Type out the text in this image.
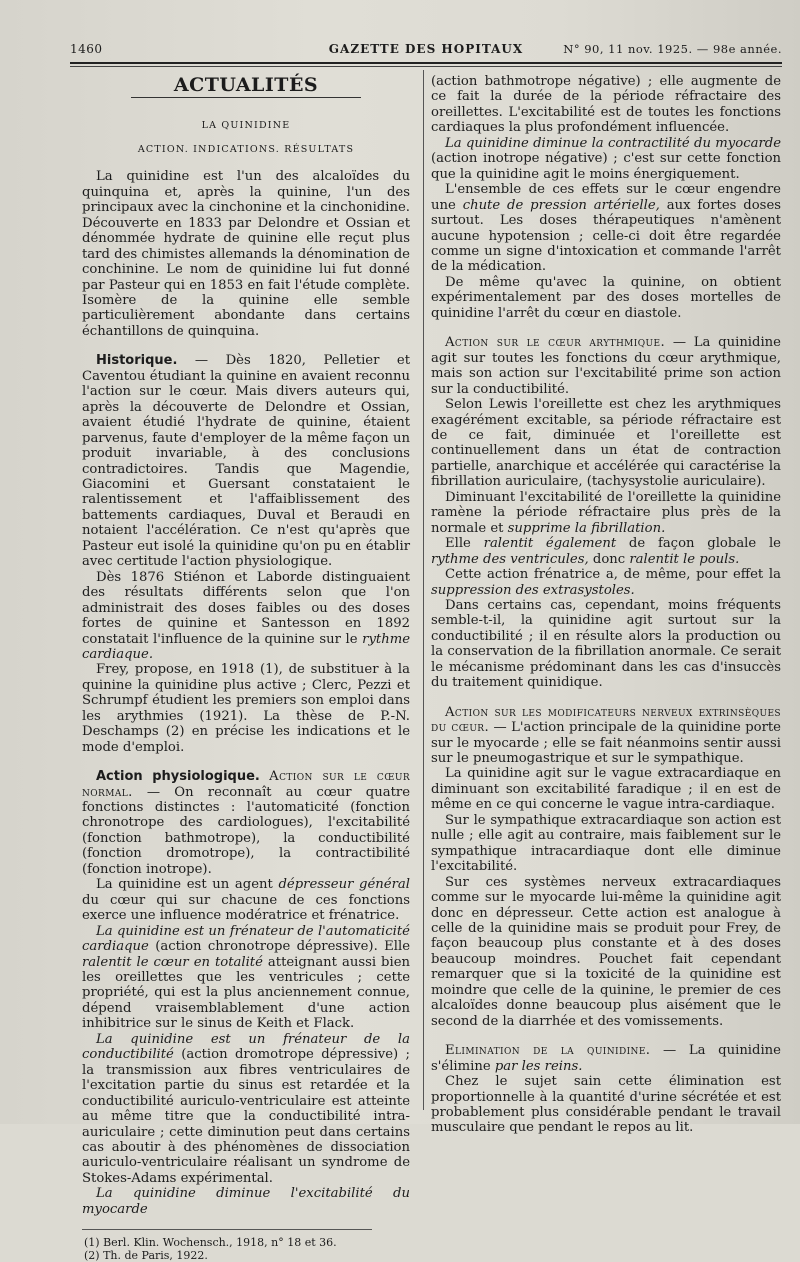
1460	GAZETTE DES HOPITAUX	N° 90, 11 nov. 1925. — 98e année.
ACTUALITÉS
LA QUINIDINE
ACTION. INDICATIONS. RÉSULTATS

La quinidine est l'un des alcaloïdes du quinquina et, après la quinine, l'un des principaux avec la cinchonine et la cinchonidine. Découverte en 1833 par Delondre et Ossian et dénommée hydrate de quinine elle reçut plus tard des chimistes allemands la dénomination de conchinine. Le nom de quinidine lui fut donné par Pasteur qui en 1853 en fait l'étude complète. Isomère de la quinine elle semble particulièrement abondante dans certains échantillons de quinquina.

Historique. — Dès 1820, Pelletier et Caventou étudiant la quinine en avaient reconnu l'action sur le cœur. Mais divers auteurs qui, après la découverte de Delondre et Ossian, avaient étudié l'hydrate de quinine, étaient parvenus, faute d'employer de la même façon un produit invariable, à des conclusions contradictoires. Tandis que Magendie, Giacomini et Guersant constataient le ralentissement et l'affaiblissement des battements cardiaques, Duval et Beraudi en notaient l'accélération. Ce n'est qu'après que Pasteur eut isolé la quinidine qu'on pu en établir avec certitude l'action physiologique.

Dès 1876 Stiénon et Laborde distinguaient des résultats différents selon que l'on administrait des doses faibles ou des doses fortes de quinine et Santesson en 1892 constatait l'influence de la quinine sur le rythme cardiaque.

Frey, propose, en 1918 (1), de substituer à la quinine la quinidine plus active ; Clerc, Pezzi et Schrumpf étudient les premiers son emploi dans les arythmies (1921). La thèse de P.-N. Deschamps (2) en précise les indications et le mode d'emploi.

Action physiologique. Action sur le cœur normal. — On reconnaît au cœur quatre fonctions distinctes : l'automaticité (fonction chronotrope des cardiologues), l'excitabilité (fonction bathmotrope), la conductibilité (fonction dromotrope), la contractibilité (fonction inotrope).

La quinidine est un agent dépresseur général du cœur qui sur chacune de ces fonctions exerce une influence modératrice et frénatrice.

La quinidine est un frénateur de l'automaticité cardiaque (action chronotrope dépressive). Elle ralentit le cœur en totalité atteignant aussi bien les oreillettes que les ventricules ; cette propriété, qui est la plus anciennement connue, dépend vraisemblablement d'une action inhibitrice sur le sinus de Keith et Flack.

La quinidine est un frénateur de la conductibilité (action dromotrope dépressive) ; la transmission aux fibres ventriculaires de l'excitation partie du sinus est retardée et la conductibilité auriculo-ventriculaire est atteinte au même titre que la conductibilité intra-auriculaire ; cette diminution peut dans certains cas aboutir à des phénomènes de dissociation auriculo-ventriculaire réalisant un syndrome de Stokes-Adams expérimental.

La quinidine diminue l'excitabilité du myocarde

(1) Berl. Klin. Wochensch., 1918, n° 18 et 36.

(2) Th. de Paris, 1922.

(action bathmotrope négative) ; elle augmente de ce fait la durée de la période réfractaire des oreillettes. L'excitabilité est de toutes les fonctions cardiaques la plus profondément influencée.

La quinidine diminue la contractilité du myocarde (action inotrope négative) ; c'est sur cette fonction que la quinidine agit le moins énergiquement.

L'ensemble de ces effets sur le cœur engendre une chute de pression artérielle, aux fortes doses surtout. Les doses thérapeutiques n'amènent aucune hypotension ; celle-ci doit être regardée comme un signe d'intoxication et commande l'arrêt de la médication.

De même qu'avec la quinine, on obtient expérimentalement par des doses mortelles de quinidine l'arrêt du cœur en diastole.

Action sur le cœur arythmique. — La quinidine agit sur toutes les fonctions du cœur arythmique, mais son action sur l'excitabilité prime son action sur la conductibilité.

Selon Lewis l'oreillette est chez les arythmiques exagérément excitable, sa période réfractaire est de ce fait, diminuée et l'oreillette est continuellement dans un état de contraction partielle, anarchique et accélérée qui caractérise la fibrillation auriculaire, (tachysystolie auriculaire).

Diminuant l'excitabilité de l'oreillette la quinidine ramène la période réfractaire plus près de la normale et supprime la fibrillation.

Elle ralentit également de façon globale le rythme des ventricules, donc ralentit le pouls.

Cette action frénatrice a, de même, pour effet la suppression des extrasystoles.

Dans certains cas, cependant, moins fréquents semble-t-il, la quinidine agit surtout sur la conductibilité ; il en résulte alors la production ou la conservation de la fibrillation anormale. Ce serait le mécanisme prédominant dans les cas d'insuccès du traitement quinidique.

Action sur les modificateurs nerveux extrinsèques du cœur. — L'action principale de la quinidine porte sur le myocarde ; elle se fait néanmoins sentir aussi sur le pneumogastrique et sur le sympathique.

La quinidine agit sur le vague extracardiaque en diminuant son excitabilité faradique ; il en est de même en ce qui concerne le vague intra-cardiaque.

Sur le sympathique extracardiaque son action est nulle ; elle agit au contraire, mais faiblement sur le sympathique intracardiaque dont elle diminue l'excitabilité.

Sur ces systèmes nerveux extracardiaques comme sur le myocarde lui-même la quinidine agit donc en dépresseur. Cette action est analogue à celle de la quinidine mais se produit pour Frey, de façon beaucoup plus constante et à des doses beaucoup moindres. Pouchet fait cependant remarquer que si la toxicité de la quinidine est moindre que celle de la quinine, le premier de ces alcaloïdes donne beaucoup plus aisément que le second de la diarrhée et des vomissements.

Elimination de la quinidine. — La quinidine s'élimine par les reins.

Chez le sujet sain cette élimination est proportionnelle à la quantité d'urine sécrétée et est probablement plus considérable pendant le travail musculaire que pendant le repos au lit.
